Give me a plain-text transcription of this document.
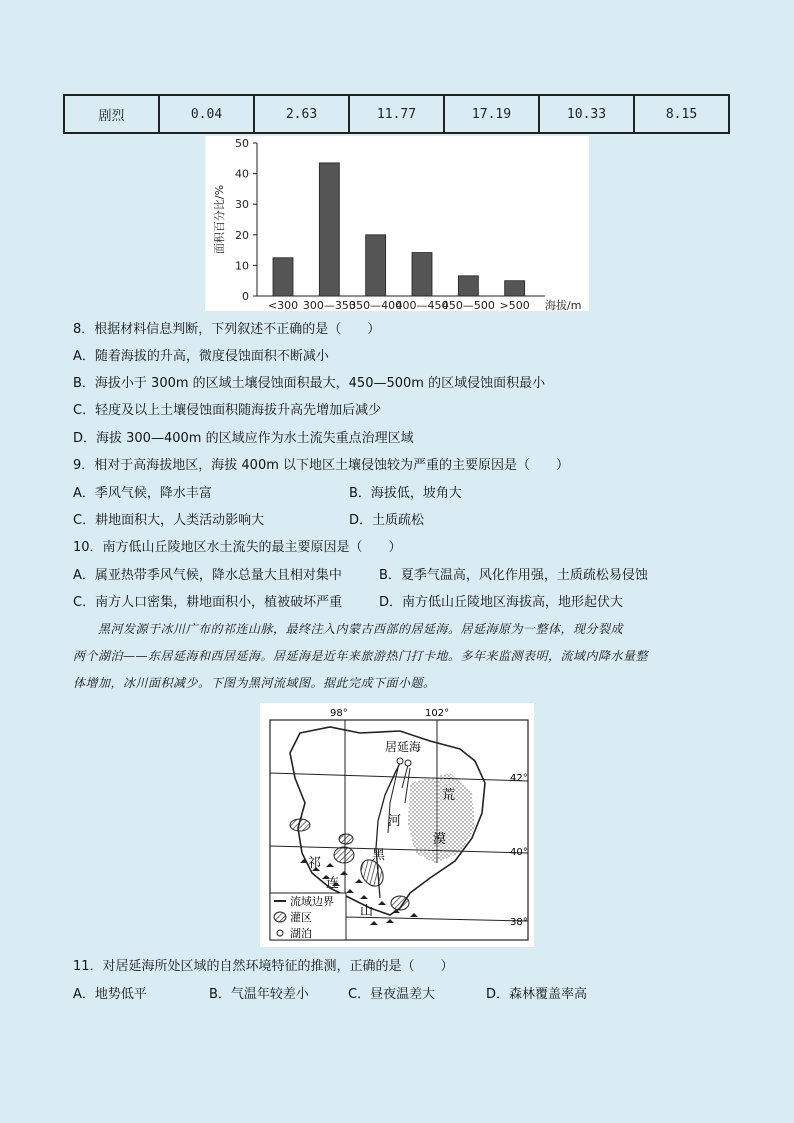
剧烈	0.04	2.63	11.77	17.19	10.33	8.15
0
10
20
30
40
50
面积百分比/%
<300 300—350
350—400
400—450
450—500 >500 海拔/m
8．根据材料信息判断，下列叙述不正确的是（　　）
A．随着海拔的升高，微度侵蚀面积不断减小
B．海拔小于 300m 的区域土壤侵蚀面积最大，450—500m 的区域侵蚀面积最小
C．轻度及以上土壤侵蚀面积随海拔升高先增加后减少
D．海拔 300—400m 的区域应作为水土流失重点治理区域
9．相对于高海拔地区，海拔 400m 以下地区土壤侵蚀较为严重的主要原因是（　　）
A．季风气候，降水丰富	B．海拔低，坡角大
C．耕地面积大，人类活动影响大	D．土质疏松
10．南方低山丘陵地区水土流失的最主要原因是（　　）
A．属亚热带季风气候，降水总量大且相对集中	B．夏季气温高，风化作用强，土质疏松易侵蚀
C．南方人口密集，耕地面积小，植被破坏严重	D．南方低山丘陵地区海拔高，地形起伏大
　　黑河发源于冰川广布的祁连山脉，最终注入内蒙古西部的居延海。居延海原为一整体，现分裂成
两个湖泊——东居延海和西居延海。居延海是近年来旅游热门打卡地。多年来监测表明，流域内降水量整
体增加，冰川面积减少。下图为黑河流域图。据此完成下面小题。
98°	102°
42°
40°
38°
居延海
河
黑
荒
漠
祁
连
山
流域边界
灌区
湖泊
11．对居延海所处区域的自然环境特征的推测，正确的是（　　）
A．地势低平	B．气温年较差小	C．昼夜温差大	D．森林覆盖率高
